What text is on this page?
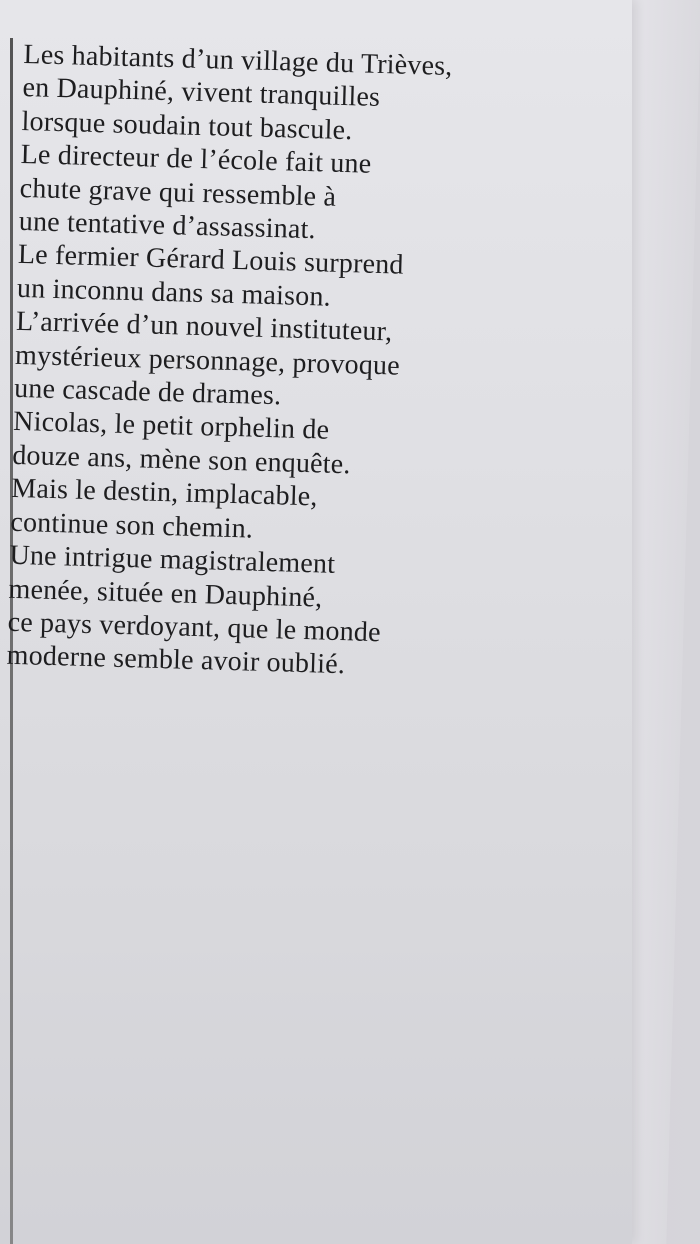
Les habitants d’un village du Trièves,
en Dauphiné, vivent tranquilles
lorsque soudain tout bascule.
Le directeur de l’école fait une
chute grave qui ressemble à
une tentative d’assassinat.
Le fermier Gérard Louis surprend
un inconnu dans sa maison.
L’arrivée d’un nouvel instituteur,
mystérieux personnage, provoque
une cascade de drames.
Nicolas, le petit orphelin de
douze ans, mène son enquête.
Mais le destin, implacable,
continue son chemin.
Une intrigue magistralement
menée, située en Dauphiné,
ce pays verdoyant, que le monde
moderne semble avoir oublié.
